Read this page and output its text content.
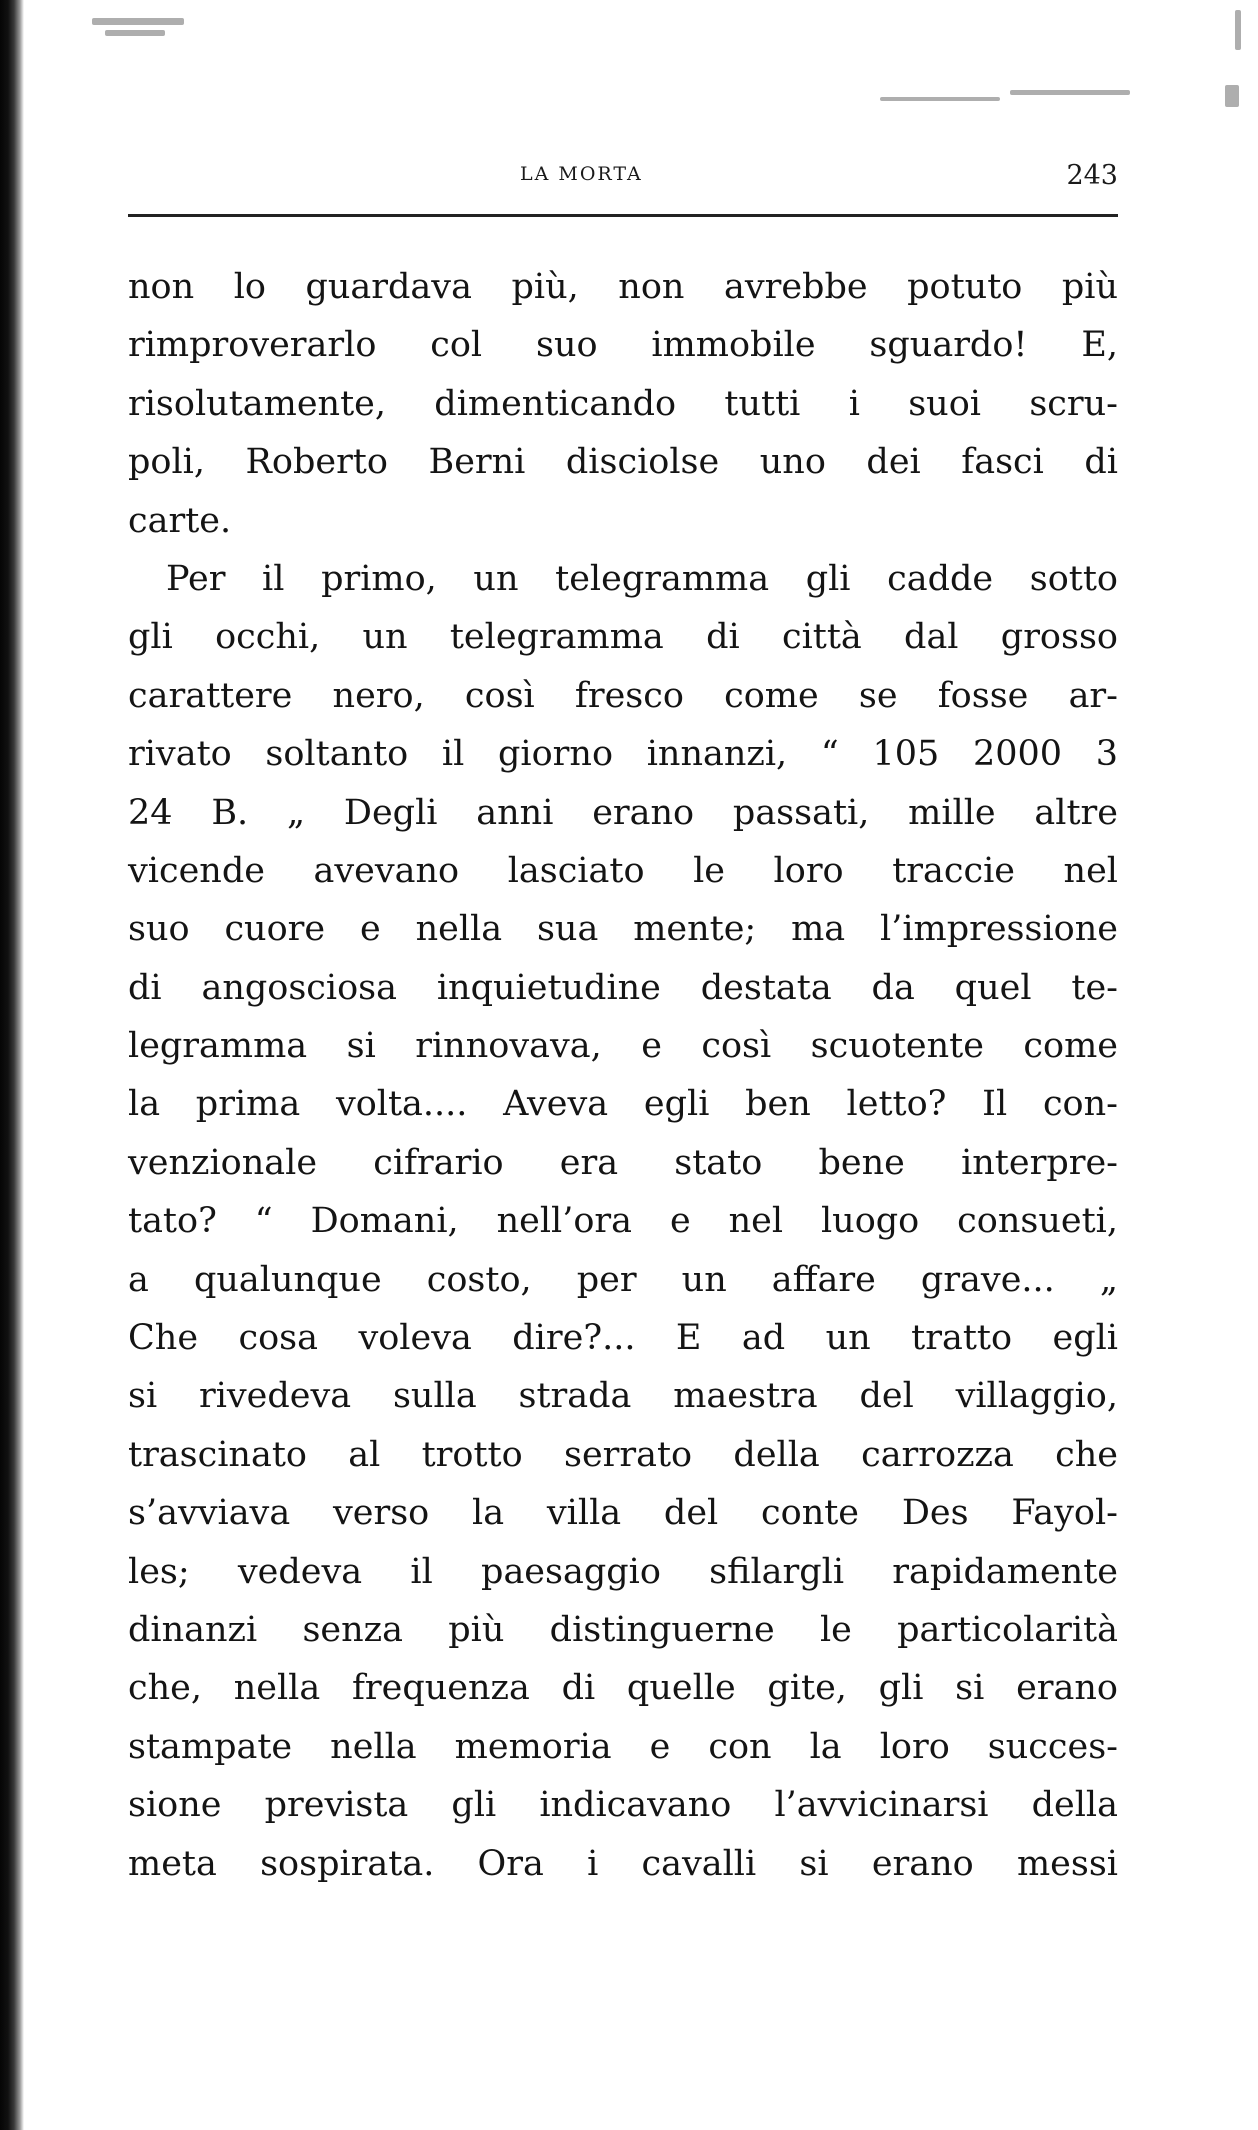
LA MORTA	243
non lo guardava più, non avrebbe potuto più
rimproverarlo col suo immobile sguardo! E,
risolutamente, dimenticando tutti i suoi scru-
poli, Roberto Berni disciolse uno dei fasci di
carte.
Per il primo, un telegramma gli cadde sotto
gli occhi, un telegramma di città dal grosso
carattere nero, così fresco come se fosse ar-
rivato soltanto il giorno innanzi, “ 105 2000 3
24 B. „ Degli anni erano passati, mille altre
vicende avevano lasciato le loro traccie nel
suo cuore e nella sua mente; ma l’impressione
di angosciosa inquietudine destata da quel te-
legramma si rinnovava, e così scuotente come
la prima volta.... Aveva egli ben letto? Il con-
venzionale cifrario era stato bene interpre-
tato? “ Domani, nell’ora e nel luogo consueti,
a qualunque costo, per un affare grave... „
Che cosa voleva dire?... E ad un tratto egli
si rivedeva sulla strada maestra del villaggio,
trascinato al trotto serrato della carrozza che
s’avviava verso la villa del conte Des Fayol-
les; vedeva il paesaggio sfilargli rapidamente
dinanzi senza più distinguerne le particolarità
che, nella frequenza di quelle gite, gli si erano
stampate nella memoria e con la loro succes-
sione prevista gli indicavano l’avvicinarsi della
meta sospirata. Ora i cavalli si erano messi
